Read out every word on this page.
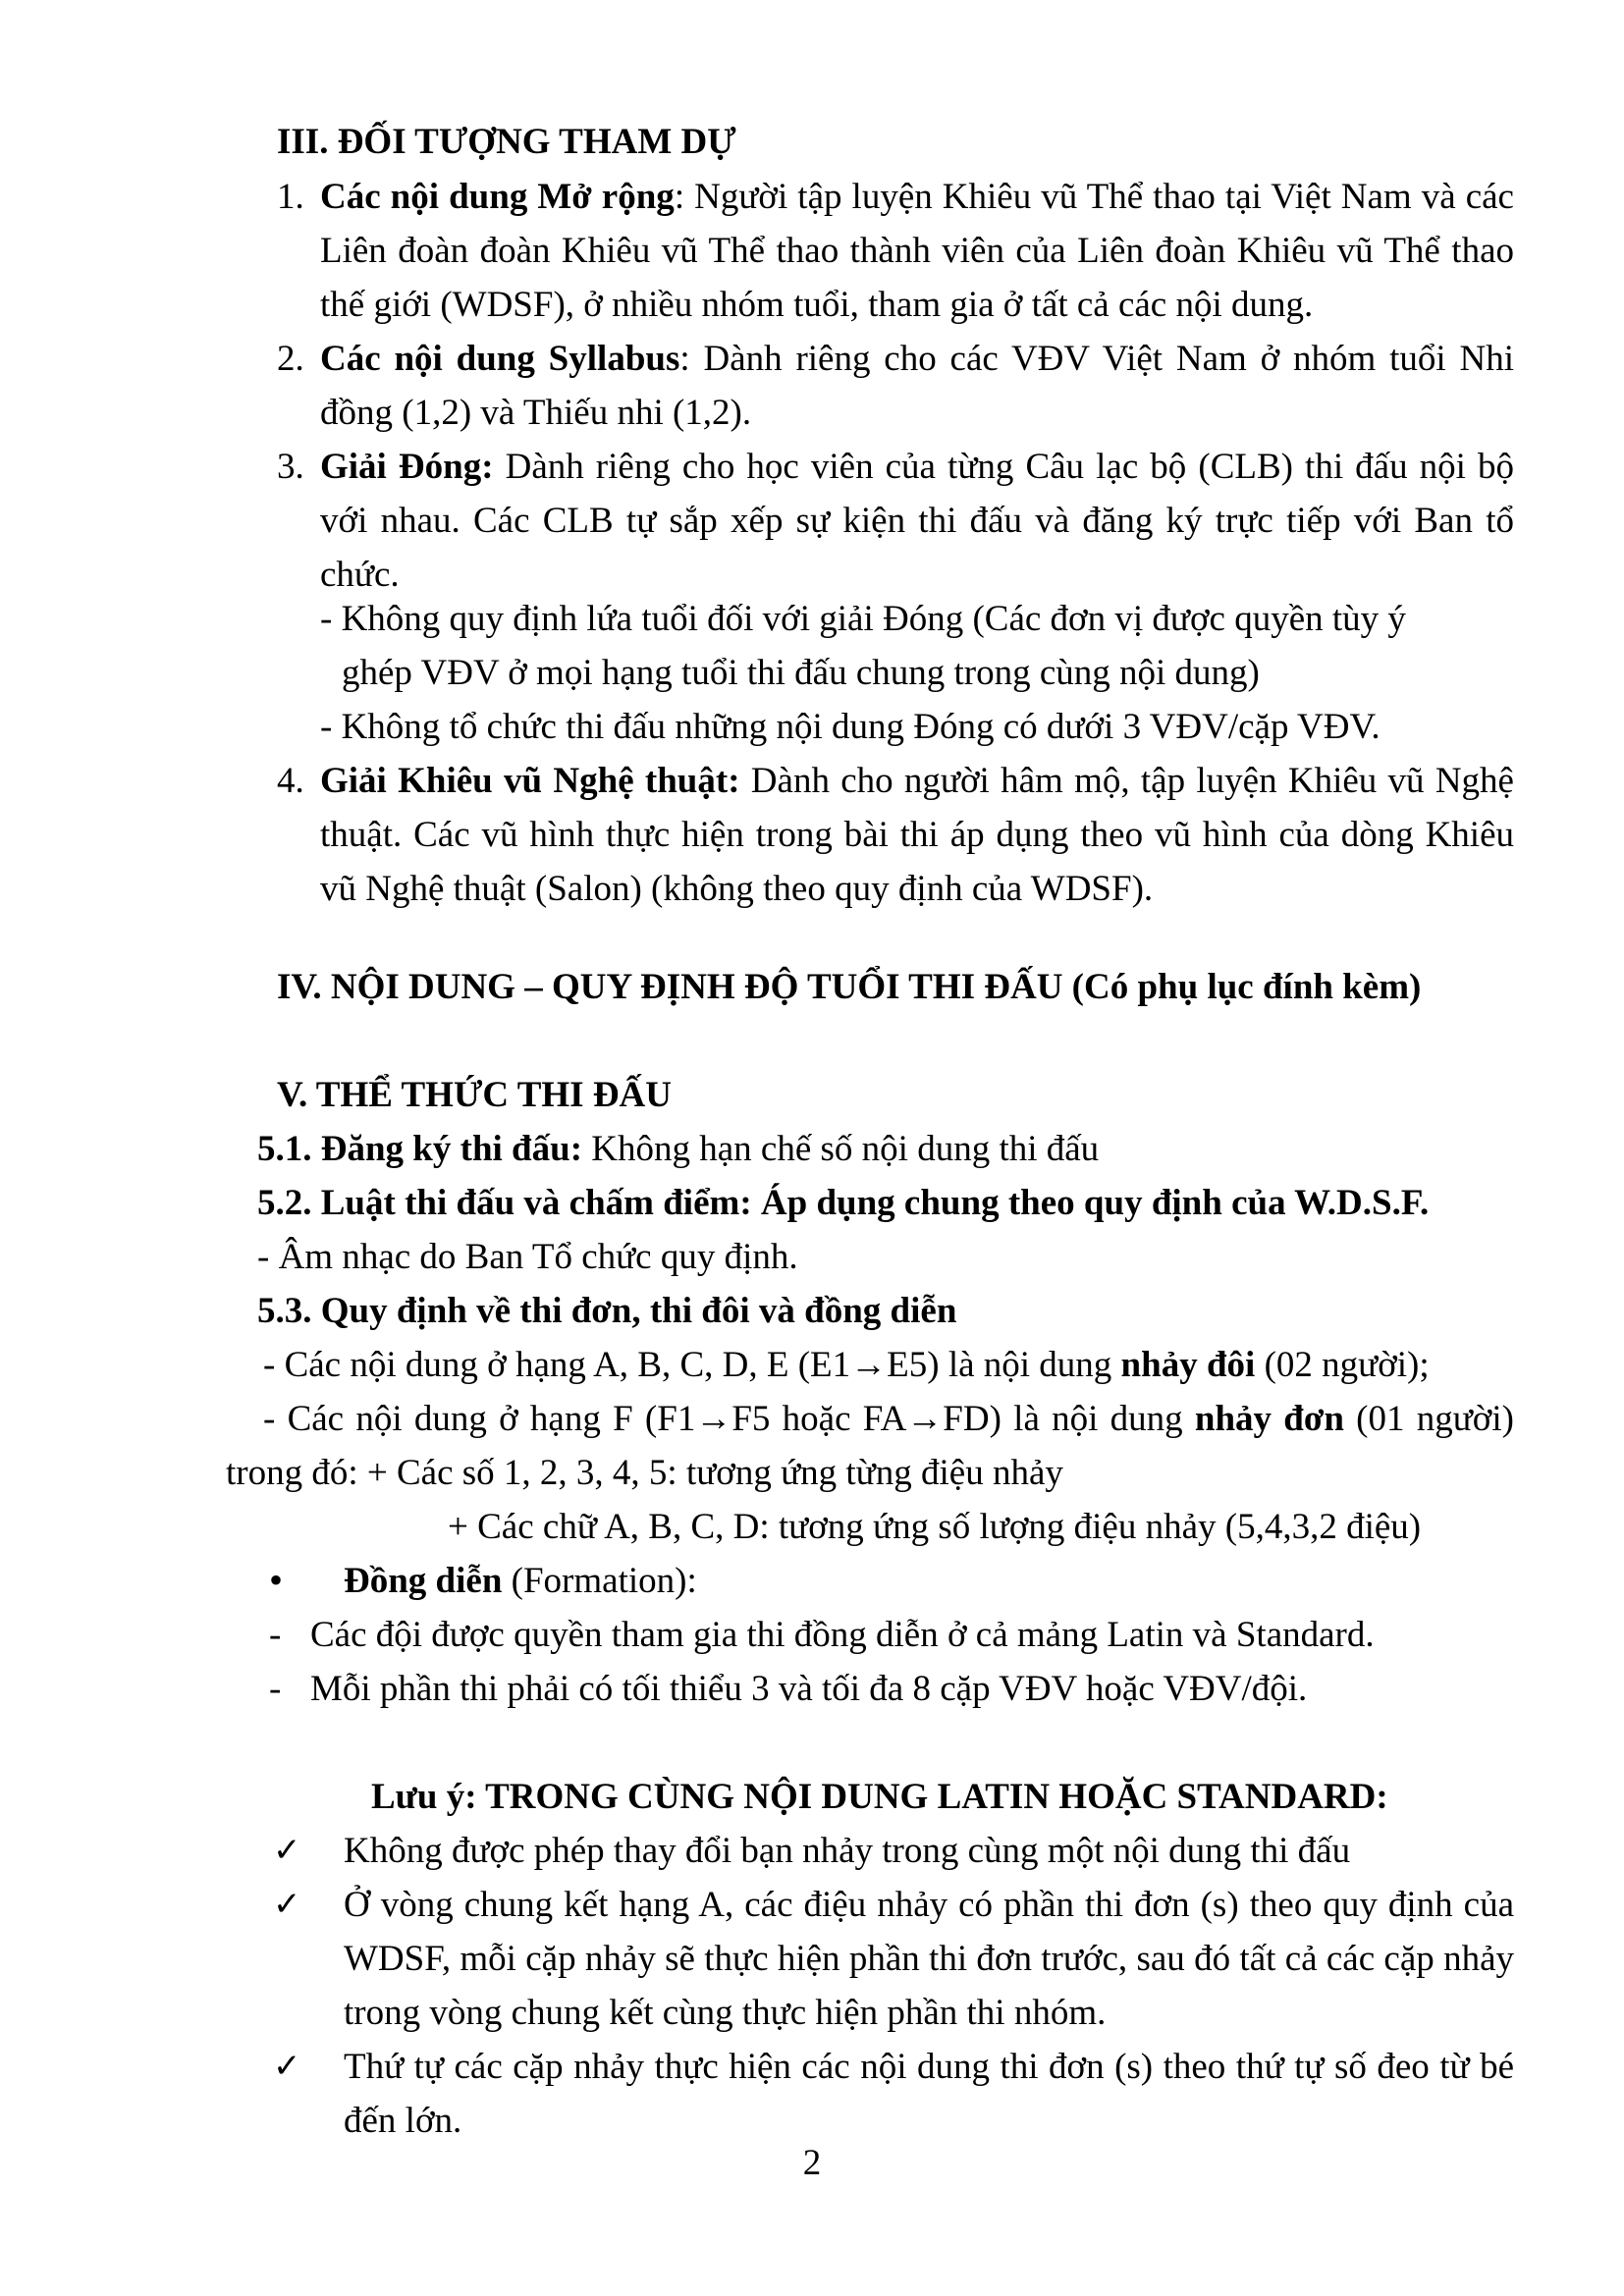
III. ĐỐI TƯỢNG THAM DỰ
1. Các nội dung Mở rộng: Người tập luyện Khiêu vũ Thể thao tại Việt Nam và các Liên đoàn đoàn Khiêu vũ Thể thao thành viên của Liên đoàn Khiêu vũ Thể thao thế giới (WDSF), ở nhiều nhóm tuổi, tham gia ở tất cả các nội dung.
2. Các nội dung Syllabus: Dành riêng cho các VĐV Việt Nam ở nhóm tuổi Nhi đồng (1,2) và Thiếu nhi (1,2).
3. Giải Đóng: Dành riêng cho học viên của từng Câu lạc bộ (CLB) thi đấu nội bộ với nhau. Các CLB tự sắp xếp sự kiện thi đấu và đăng ký trực tiếp với Ban tổ chức.
- Không quy định lứa tuổi đối với giải Đóng (Các đơn vị được quyền tùy ý
ghép VĐV ở mọi hạng tuổi thi đấu chung trong cùng nội dung)
- Không tổ chức thi đấu những nội dung Đóng có dưới 3 VĐV/cặp VĐV.
4. Giải Khiêu vũ Nghệ thuật: Dành cho người hâm mộ, tập luyện Khiêu vũ Nghệ thuật. Các vũ hình thực hiện trong bài thi áp dụng theo vũ hình của dòng Khiêu vũ Nghệ thuật (Salon) (không theo quy định của WDSF).
IV. NỘI DUNG – QUY ĐỊNH ĐỘ TUỔI THI ĐẤU (Có phụ lục đính kèm)
V. THỂ THỨC THI ĐẤU
5.1. Đăng ký thi đấu: Không hạn chế số nội dung thi đấu
5.2. Luật thi đấu và chấm điểm: Áp dụng chung theo quy định của W.D.S.F.
- Âm nhạc do Ban Tổ chức quy định.
5.3. Quy định về thi đơn, thi đôi và đồng diễn
- Các nội dung ở hạng A, B, C, D, E (E1→E5) là nội dung nhảy đôi (02 người);
- Các nội dung ở hạng F (F1→F5 hoặc FA→FD) là nội dung nhảy đơn (01 người) trong đó: + Các số 1, 2, 3, 4, 5: tương ứng từng điệu nhảy
+ Các chữ A, B, C, D: tương ứng số lượng điệu nhảy (5,4,3,2 điệu)
• Đồng diễn (Formation):
- Các đội được quyền tham gia thi đồng diễn ở cả mảng Latin và Standard.
- Mỗi phần thi phải có tối thiểu 3 và tối đa 8 cặp VĐV hoặc VĐV/đội.
Lưu ý: TRONG CÙNG NỘI DUNG LATIN HOẶC STANDARD:
✓ Không được phép thay đổi bạn nhảy trong cùng một nội dung thi đấu
✓ Ở vòng chung kết hạng A, các điệu nhảy có phần thi đơn (s) theo quy định của WDSF, mỗi cặp nhảy sẽ thực hiện phần thi đơn trước, sau đó tất cả các cặp nhảy trong vòng chung kết cùng thực hiện phần thi nhóm.
✓ Thứ tự các cặp nhảy thực hiện các nội dung thi đơn (s) theo thứ tự số đeo từ bé đến lớn.
2
